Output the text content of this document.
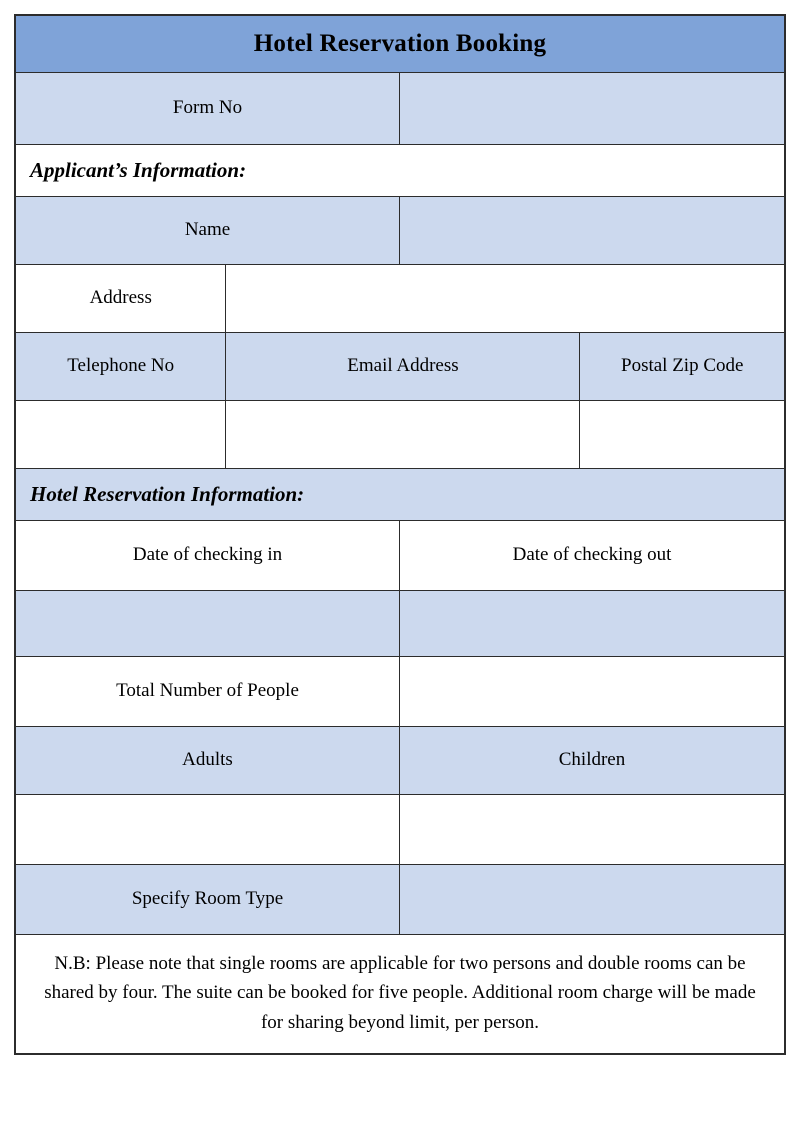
Hotel Reservation Booking
Form No
Applicant’s Information:
Name
Address
Telephone No	Email Address	Postal Zip Code
Hotel Reservation Information:
Date of checking in	Date of checking out
Total Number of People
Adults	Children
Specify Room Type
N.B: Please note that single rooms are applicable for two persons and double rooms can be shared by four. The suite can be booked for five people. Additional room charge will be made for sharing beyond limit, per person.
